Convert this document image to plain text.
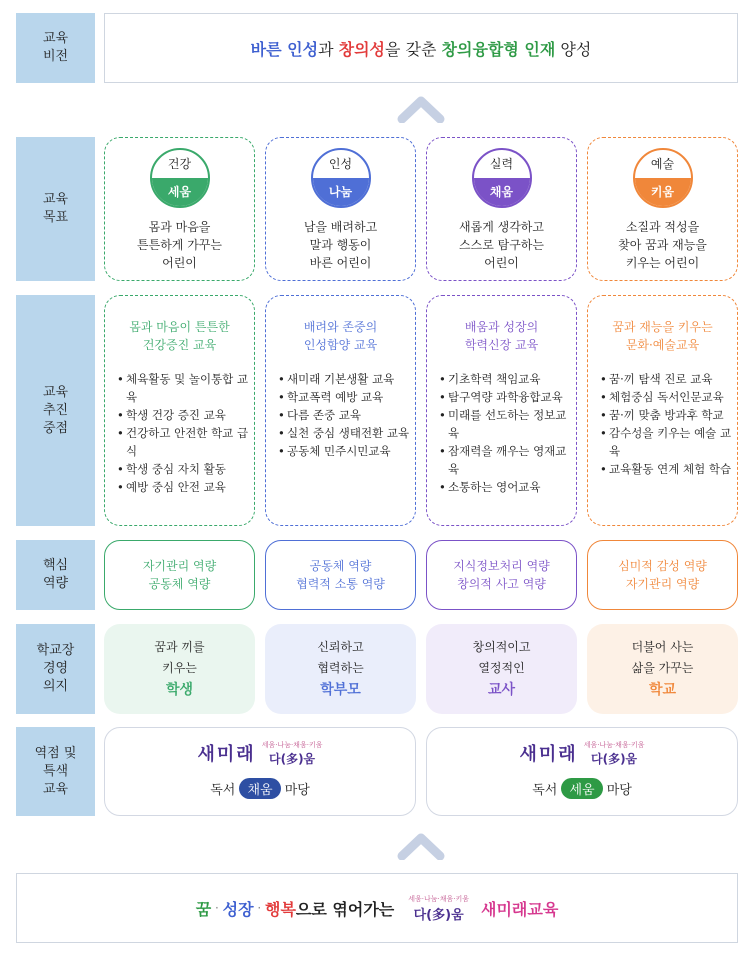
교육
비전
교육
목표
교육
추진
중점
핵심
역량
학교장
경영
의지
역점 및
특색
교육
바른 인성 과 창의성 을 갖춘 창의융합형 인재 양성
건강
세움
몸과 마음을
튼튼하게 가꾸는
어린이
인성
나눔
남을 배려하고
말과 행동이
바른 어린이
실력
채움
새롭게 생각하고
스스로 탐구하는
어린이
예술
키움
소질과 적성을
찾아 꿈과 재능을
키우는 어린이
몸과 마음이 튼튼한
건강증진 교육
• 체육활동 및 놀이통합 교육
• 학생 건강 증진 교육
• 건강하고 안전한 학교 급식
• 학생 중심 자치 활동
• 예방 중심 안전 교육
배려와 존중의
인성함양 교육
• 새미래 기본생활 교육
• 학교폭력 예방 교육
• 다름 존중 교육
• 실천 중심 생태전환 교육
• 공동체 민주시민교육
배움과 성장의
학력신장 교육
• 기초학력 책임교육
• 탐구역량 과학융합교육
• 미래를 선도하는 정보교육
• 잠재력을 깨우는 영재교육
• 소통하는 영어교육
꿈과 재능을 키우는
문화·예술교육
• 꿈·끼 탐색 진로 교육
• 체험중심 독서인문교육
• 꿈·끼 맞춤 방과후 학교
• 감수성을 키우는 예술 교육
• 교육활동 연계 체험 학습
자기관리 역량
공동체 역량
공동체 역량
협력적 소통 역량
지식정보처리 역량
창의적 사고 역량
심미적 감성 역량
자기관리 역량
꿈과 끼를
키우는
학생
신뢰하고
협력하는
학부모
창의적이고
열정적인
교사
더불어 사는
삶을 가꾸는
학교
새미래 세움·나눔·채움·키움
다(多)움
독서 채움 마당
새미래 세움·나눔·채움·키움
다(多)움
독서 세움 마당
꿈 · 성장 · 행복 으로 엮어가는
세움·나눔·채움·키움
다(多)움 새미래교육
